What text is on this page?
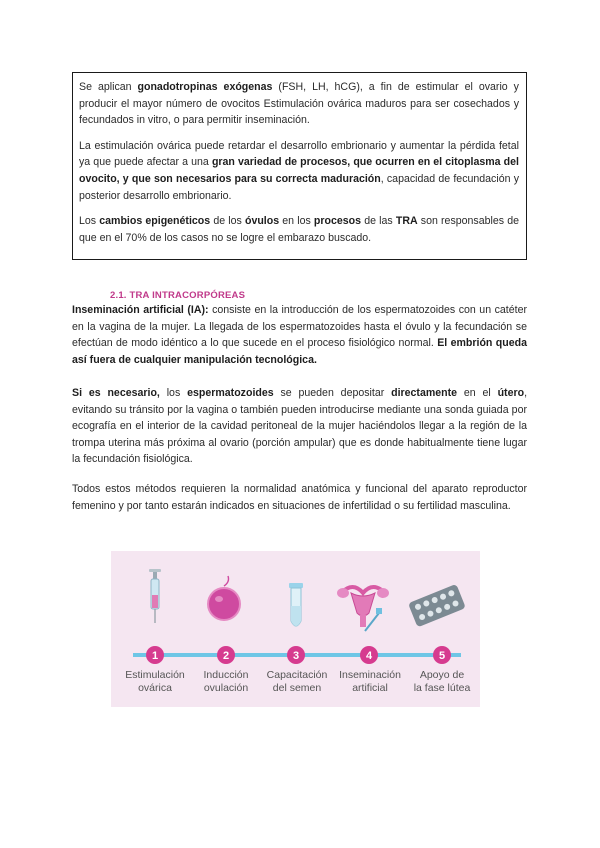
Se aplican gonadotropinas exógenas (FSH, LH, hCG), a fin de estimular el ovario y producir el mayor número de ovocitos Estimulación ovárica maduros para ser cosechados y fecundados in vitro, o para permitir inseminación.

La estimulación ovárica puede retardar el desarrollo embrionario y aumentar la pérdida fetal ya que puede afectar a una gran variedad de procesos, que ocurren en el citoplasma del ovocito, y que son necesarios para su correcta maduración, capacidad de fecundación y posterior desarrollo embrionario.

Los cambios epigenéticos de los óvulos en los procesos de las TRA son responsables de que en el 70% de los casos no se logre el embarazo buscado.

2.1. TRA INTRACORPÓREAS

Inseminación artificial (IA): consiste en la introducción de los espermatozoides con un catéter en la vagina de la mujer. La llegada de los espermatozoides hasta el óvulo y la fecundación se efectúan de modo idéntico a lo que sucede en el proceso fisiológico normal. El embrión queda así fuera de cualquier manipulación tecnológica.

Si es necesario, los espermatozoides se pueden depositar directamente en el útero, evitando su tránsito por la vagina o también pueden introducirse mediante una sonda guiada por ecografía en el interior de la cavidad peritoneal de la mujer haciéndolos llegar a la región de la trompa uterina más próxima al ovario (porción ampular) que es donde habitualmente tiene lugar la fecundación fisiológica.

Todos estos métodos requieren la normalidad anatómica y funcional del aparato reproductor femenino y por tanto estarán indicados en situaciones de infertilidad o su fertilidad masculina.

1	2	3	4	5
Estimulación
ovárica
Inducción
ovulación
Capacitación
del semen
Inseminación
artificial
Apoyo de
la fase lútea
